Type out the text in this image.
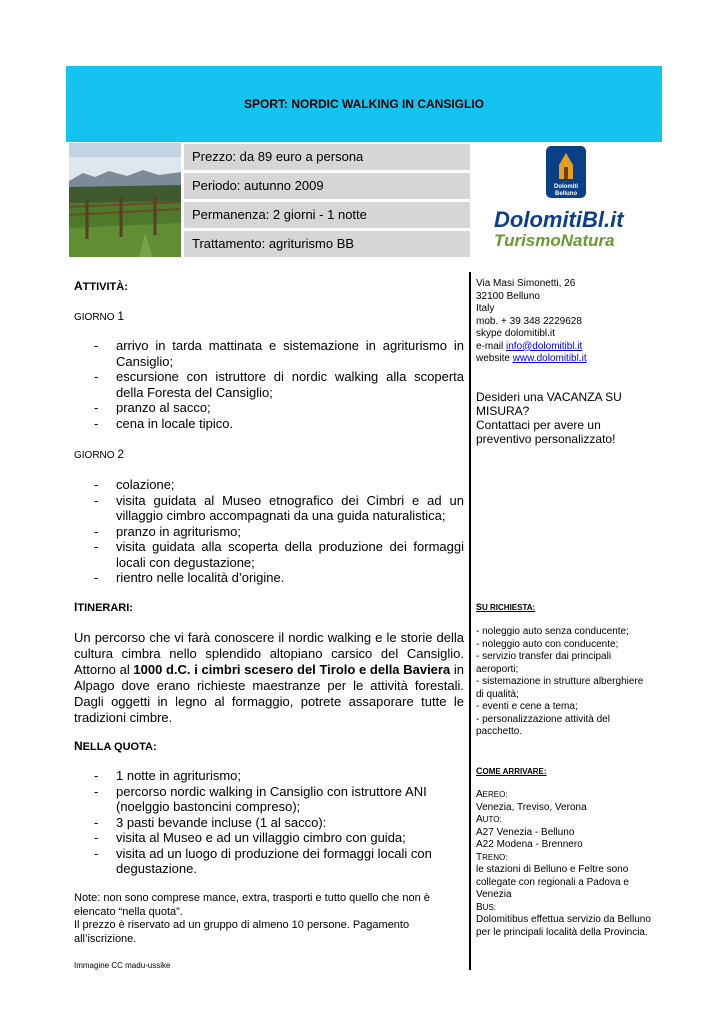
SPORT: NORDIC WALKING IN CANSIGLIO
Prezzo: da 89 euro a persona
Periodo: autunno 2009
Permanenza: 2 giorni - 1 notte
Trattamento: agriturismo BB
Dolomiti
Belluno
DolomitiBl.it
TurismoNatura
ATTIVITÀ:
GIORNO 1
- arrivo in tarda mattinata e sistemazione in agriturismo in Cansiglio;
- escursione con istruttore di nordic walking alla scoperta della Foresta del Cansiglio;
- pranzo al sacco;
- cena in locale tipico.
GIORNO 2
- colazione;
- visita guidata al Museo etnografico dei Cimbri e ad un villaggio cimbro accompagnati da una guida naturalistica;
- pranzo in agriturismo;
- visita guidata alla scoperta della produzione dei formaggi locali con degustazione;
- rientro nelle località d’origine.
ITINERARI:
Un percorso che vi farà conoscere il nordic walking e le storie della cultura cimbra nello splendido altopiano carsico del Cansiglio. Attorno al 1000 d.C. i cimbri scesero del Tirolo e della Baviera in Alpago dove erano richieste maestranze per le attività forestali. Dagli oggetti in legno al formaggio, potrete assaporare tutte le tradizioni cimbre.
NELLA QUOTA:
- 1 notte in agriturismo;
- percorso nordic walking in Cansiglio con istruttore ANI (noelggio bastoncini compreso);
- 3 pasti bevande incluse (1 al sacco):
- visita al Museo e ad un villaggio cimbro con guida;
- visita ad un luogo di produzione dei formaggi locali con degustazione.
Note: non sono comprese mance, extra, trasporti e tutto quello che non è elencato “nella quota”.
Il prezzo è riservato ad un gruppo di almeno 10 persone. Pagamento all’iscrizione.
Immagine CC madu-ussike
Via Masi Simonetti, 26
32100 Belluno
Italy
mob. + 39 348 2229628
skype dolomitibl.it
e-mail info@dolomitibl.it
website www.dolomitibl.it
Desideri una VACANZA SU MISURA?
Contattaci per avere un preventivo personalizzato!
SU RICHIESTA:
- noleggio auto senza conducente;
- noleggio auto con conducente;
- servizio transfer dai principali aeroporti;
- sistemazione in strutture alberghiere di qualità;
- eventi e cene a tema;
- personalizzazione attività del pacchetto.
COME ARRIVARE:
AEREO:
Venezia, Treviso, Verona
AUTO:
A27 Venezia - Belluno
A22 Modena - Brennero
TRENO:
le stazioni di Belluno e Feltre sono collegate con regionali a Padova e Venezia
BUS:
Dolomitibus effettua servizio da Belluno per le principali località della Provincia.
